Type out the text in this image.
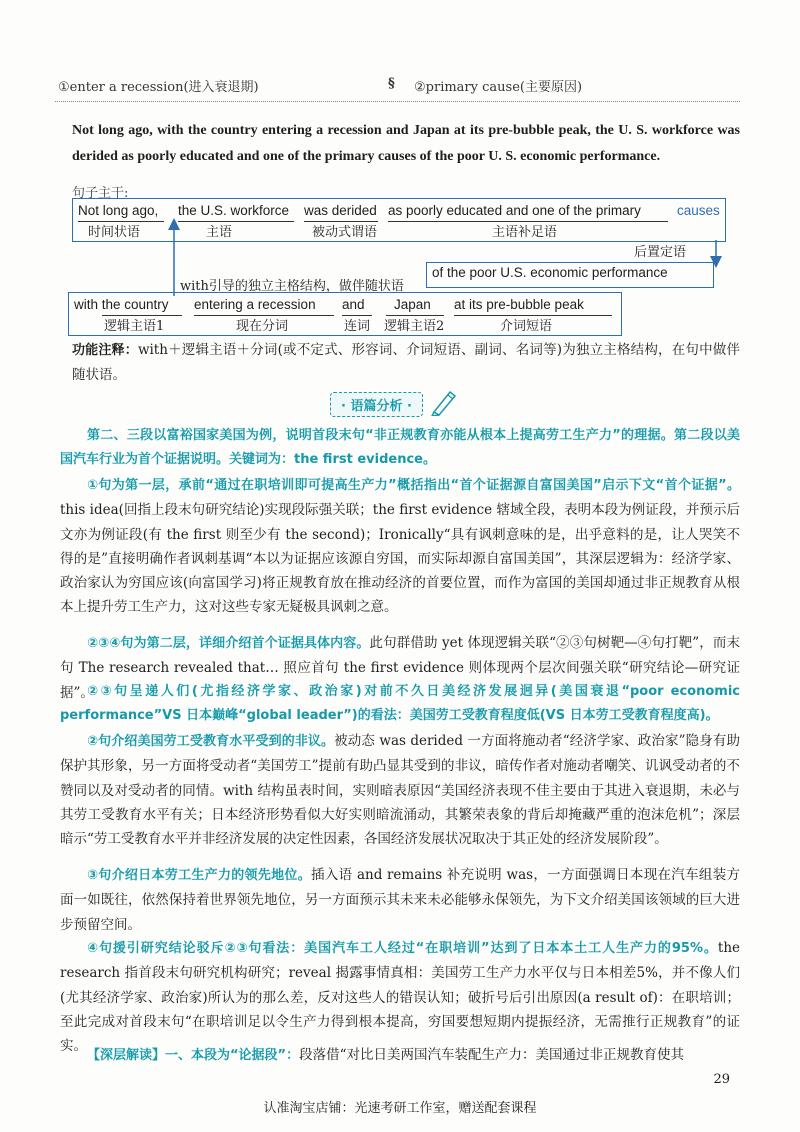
①enter a recession(进入衰退期)	§ ②primary cause(主要原因)
Not long ago, with the country entering a recession and Japan at its pre-bubble peak, the U. S. workforce was derided as poorly educated and one of the primary causes of the poor U. S. economic performance.
句子主干:
Not long ago, the U.S. workforce was derided as poorly educated and one of the primary	causes
时间状语	主语	被动式谓语	主语补足语
后置定语
of the poor U.S. economic performance
with引导的独立主格结构，做伴随状语
with the country entering a recession and Japan at its pre-bubble peak
逻辑主语1	现在分词	连词 逻辑主语2	介词短语
功能注释：with＋逻辑主语＋分词(或不定式、形容词、介词短语、副词、名词等)为独立主格结构，在句中做伴随状语。
· 语篇分析 ·
第二、三段以富裕国家美国为例，说明首段末句“非正规教育亦能从根本上提高劳工生产力”的理据。第二段以美国汽车行业为首个证据说明。关键词为：the first evidence。
①句为第一层，承前“通过在职培训即可提高生产力”概括指出“首个证据源自富国美国”启示下文“首个证据”。this idea(回指上段末句研究结论)实现段际强关联；the first evidence 辖域全段，表明本段为例证段，并预示后文亦为例证段(有 the first 则至少有 the second)；Ironically“具有讽刺意味的是，出乎意料的是，让人哭笑不得的是”直接明确作者讽刺基调“本以为证据应该源自穷国，而实际却源自富国美国”，其深层逻辑为：经济学家、政治家认为穷国应该(向富国学习)将正规教育放在推动经济的首要位置，而作为富国的美国却通过非正规教育从根本上提升劳工生产力，这对这些专家无疑极具讽刺之意。
②③④句为第二层，详细介绍首个证据具体内容。此句群借助 yet 体现逻辑关联“②③句树靶—④句打靶”，而末句 The research revealed that… 照应首句 the first evidence 则体现两个层次间强关联“研究结论—研究证据”。
②③句呈递人们(尤指经济学家、政治家)对前不久日美经济发展迥异(美国衰退“poor economic performance”VS 日本巅峰“global leader”)的看法：美国劳工受教育程度低(VS 日本劳工受教育程度高)。
②句介绍美国劳工受教育水平受到的非议。被动态 was derided 一方面将施动者“经济学家、政治家”隐身有助保护其形象，另一方面将受动者“美国劳工”提前有助凸显其受到的非议，暗传作者对施动者嘲笑、讥讽受动者的不赞同以及对受动者的同情。with 结构虽表时间，实则暗表原因“美国经济表现不佳主要由于其进入衰退期，未必与其劳工受教育水平有关；日本经济形势看似大好实则暗流涌动，其繁荣表象的背后却掩藏严重的泡沫危机”；深层暗示“劳工受教育水平并非经济发展的决定性因素，各国经济发展状况取决于其正处的经济发展阶段”。
③句介绍日本劳工生产力的领先地位。插入语 and remains 补充说明 was，一方面强调日本现在汽车组装方面一如既往，依然保持着世界领先地位，另一方面预示其未来未必能够永保领先，为下文介绍美国该领域的巨大进步预留空间。
④句援引研究结论驳斥②③句看法：美国汽车工人经过“在职培训”达到了日本本土工人生产力的95%。the research 指首段末句研究机构研究；reveal 揭露事情真相：美国劳工生产力水平仅与日本相差5%，并不像人们(尤其经济学家、政治家)所认为的那么差，反对这些人的错误认知；破折号后引出原因(a result of)：在职培训；至此完成对首段末句“在职培训足以令生产力得到根本提高，穷国要想短期内提振经济，无需推行正规教育”的证实。
【深层解读】一、本段为“论据段”：段落借“对比日美两国汽车装配生产力：美国通过非正规教育使其
29
认准淘宝店铺：光速考研工作室，赠送配套课程
